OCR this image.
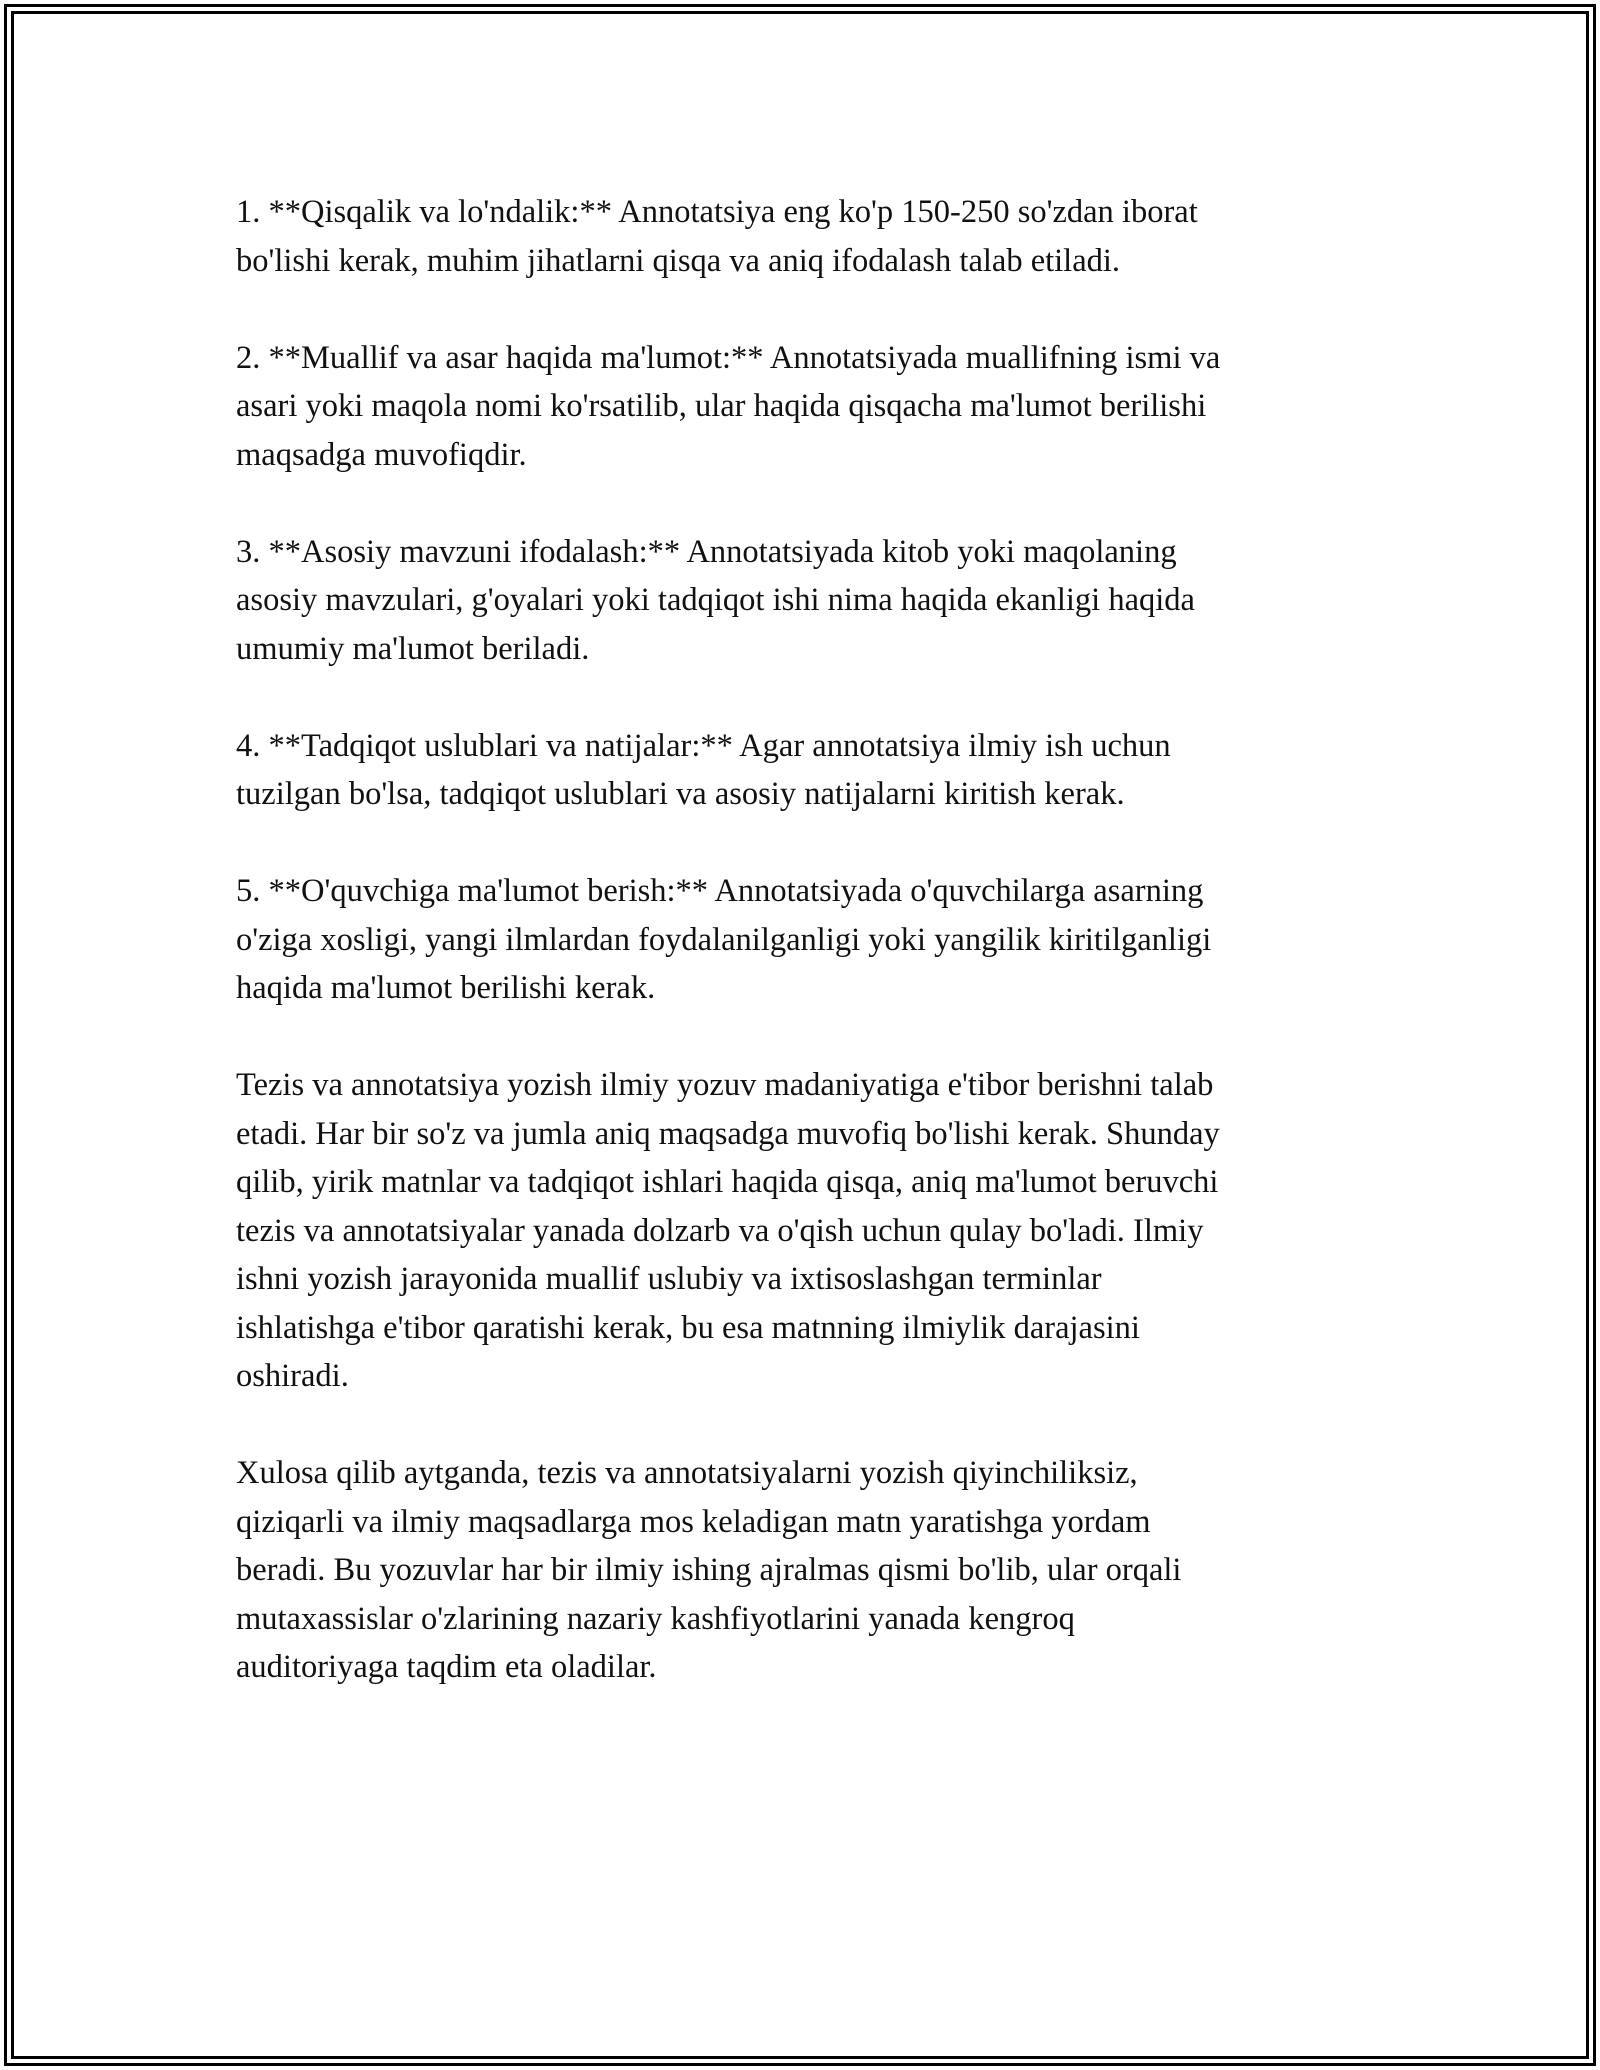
1. **Qisqalik va lo'ndalik:** Annotatsiya eng ko'p 150-250 so'zdan iborat
bo'lishi kerak, muhim jihatlarni qisqa va aniq ifodalash talab etiladi.

2. **Muallif va asar haqida ma'lumot:** Annotatsiyada muallifning ismi va
asari yoki maqola nomi ko'rsatilib, ular haqida qisqacha ma'lumot berilishi
maqsadga muvofiqdir.

3. **Asosiy mavzuni ifodalash:** Annotatsiyada kitob yoki maqolaning
asosiy mavzulari, g'oyalari yoki tadqiqot ishi nima haqida ekanligi haqida
umumiy ma'lumot beriladi.

4. **Tadqiqot uslublari va natijalar:** Agar annotatsiya ilmiy ish uchun
tuzilgan bo'lsa, tadqiqot uslublari va asosiy natijalarni kiritish kerak.

5. **O'quvchiga ma'lumot berish:** Annotatsiyada o'quvchilarga asarning
o'ziga xosligi, yangi ilmlardan foydalanilganligi yoki yangilik kiritilganligi
haqida ma'lumot berilishi kerak.

Tezis va annotatsiya yozish ilmiy yozuv madaniyatiga e'tibor berishni talab
etadi. Har bir so'z va jumla aniq maqsadga muvofiq bo'lishi kerak. Shunday
qilib, yirik matnlar va tadqiqot ishlari haqida qisqa, aniq ma'lumot beruvchi
tezis va annotatsiyalar yanada dolzarb va o'qish uchun qulay bo'ladi. Ilmiy
ishni yozish jarayonida muallif uslubiy va ixtisoslashgan terminlar
ishlatishga e'tibor qaratishi kerak, bu esa matnning ilmiylik darajasini
oshiradi.

Xulosa qilib aytganda, tezis va annotatsiyalarni yozish qiyinchiliksiz,
qiziqarli va ilmiy maqsadlarga mos keladigan matn yaratishga yordam
beradi. Bu yozuvlar har bir ilmiy ishing ajralmas qismi bo'lib, ular orqali
mutaxassislar o'zlarining nazariy kashfiyotlarini yanada kengroq
auditoriyaga taqdim eta oladilar.
